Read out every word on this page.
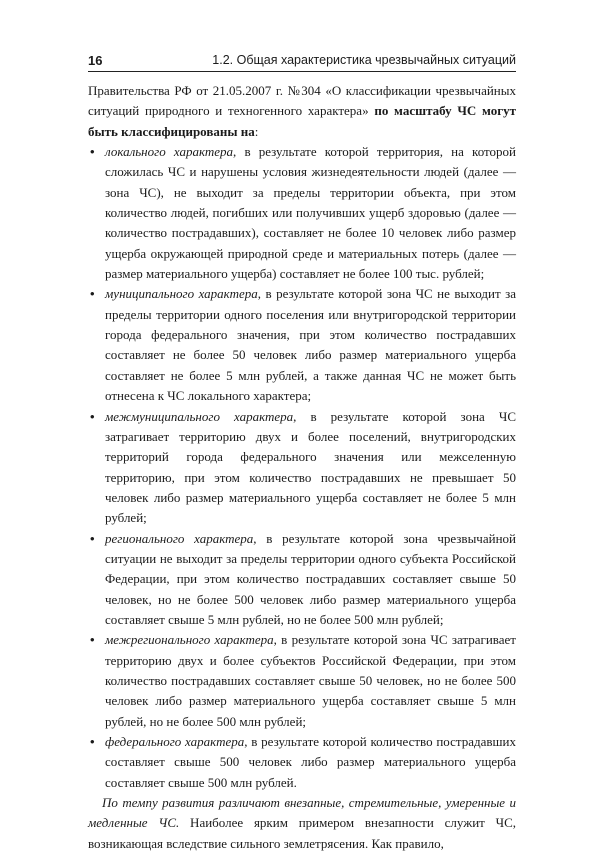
16	1.2. Общая характеристика чрезвычайных ситуаций

Правительства РФ от 21.05.2007 г. №304 «О классификации чрезвычайных ситуаций природного и техногенного характера» по масштабу ЧС могут быть классифицированы на:

• локального характера, в результате которой территория, на которой сложилась ЧС и нарушены условия жизнедеятельности людей (далее — зона ЧС), не выходит за пределы территории объекта, при этом количество людей, погибших или получивших ущерб здоровью (далее — количество пострадавших), составляет не более 10 человек либо размер ущерба окружающей природной среде и материальных потерь (далее — размер материального ущерба) составляет не более 100 тыс. рублей;
• муниципального характера, в результате которой зона ЧС не выходит за пределы территории одного поселения или внутригородской территории города федерального значения, при этом количество пострадавших составляет не более 50 человек либо размер материального ущерба составляет не более 5 млн рублей, а также данная ЧС не может быть отнесена к ЧС локального характера;
• межмуниципального характера, в результате которой зона ЧС затрагивает территорию двух и более поселений, внутригородских территорий города федерального значения или межселенную территорию, при этом количество пострадавших не превышает 50 человек либо размер материального ущерба составляет не более 5 млн рублей;
• регионального характера, в результате которой зона чрезвычайной ситуации не выходит за пределы территории одного субъекта Российской Федерации, при этом количество пострадавших составляет свыше 50 человек, но не более 500 человек либо размер материального ущерба составляет свыше 5 млн рублей, но не более 500 млн рублей;
• межрегионального характера, в результате которой зона ЧС затрагивает территорию двух и более субъектов Российской Федерации, при этом количество пострадавших составляет свыше 50 человек, но не более 500 человек либо размер материального ущерба составляет свыше 5 млн рублей, но не более 500 млн рублей;
• федерального характера, в результате которой количество пострадавших составляет свыше 500 человек либо размер материального ущерба составляет свыше 500 млн рублей.

По темпу развития различают внезапные, стремительные, умеренные и медленные ЧС. Наиболее ярким примером внезапности служит ЧС, возникающая вследствие сильного землетрясения. Как правило,
